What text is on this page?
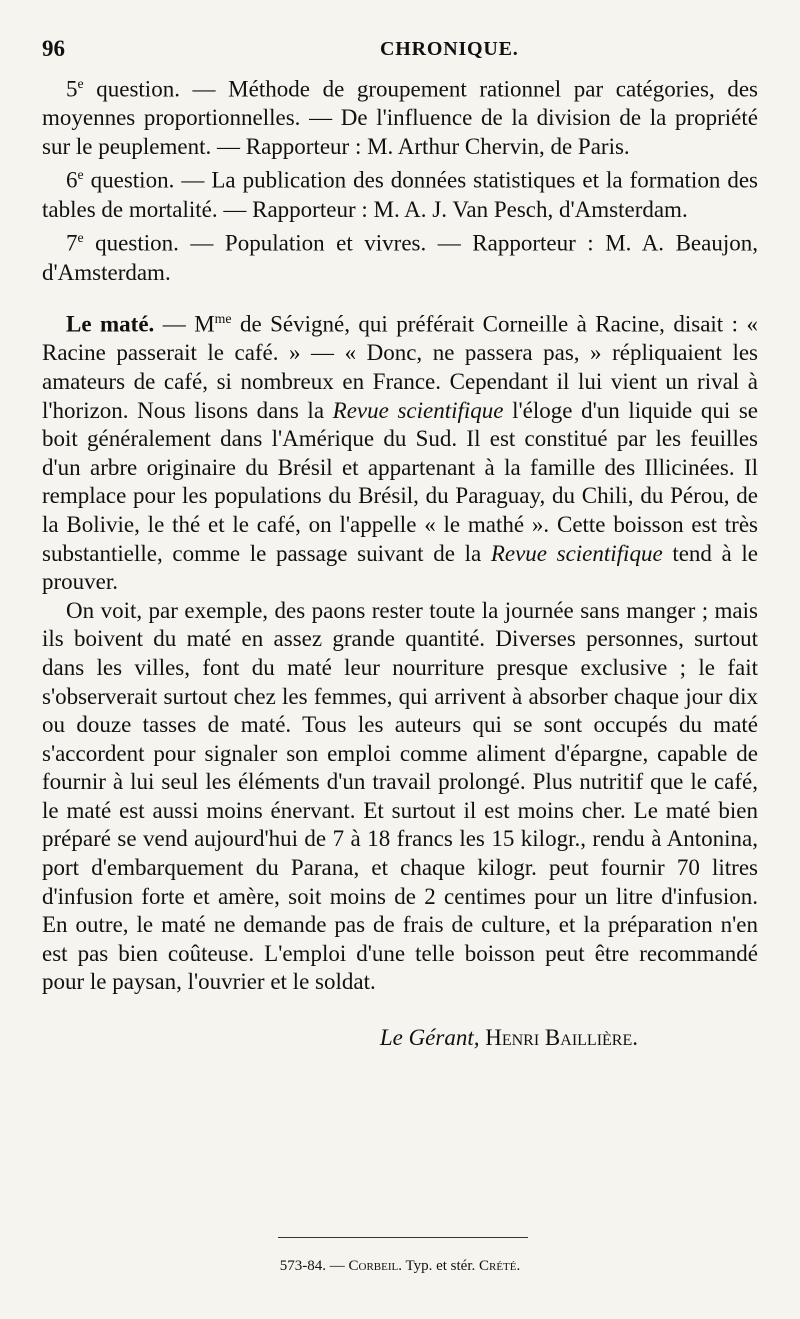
96	CHRONIQUE.

5e question. — Méthode de groupement rationnel par catégories, des moyennes proportionnelles. — De l'influence de la division de la propriété sur le peuplement. — Rapporteur : M. Arthur Chervin, de Paris.

6e question. — La publication des données statistiques et la formation des tables de mortalité. — Rapporteur : M. A. J. Van Pesch, d'Amsterdam.

7e question. — Population et vivres. — Rapporteur : M. A. Beaujon, d'Amsterdam.

Le maté. — $M^{me}$ de Sévigné, qui préférait Corneille à Racine, disait : « Racine passerait le café. » — « Donc, ne passera pas, » répliquaient les amateurs de café, si nombreux en France. Cependant il lui vient un rival à l'horizon. Nous lisons dans la Revue scientifique l'éloge d'un liquide qui se boit généralement dans l'Amérique du Sud. Il est constitué par les feuilles d'un arbre originaire du Brésil et appartenant à la famille des Illicinées. Il remplace pour les populations du Brésil, du Paraguay, du Chili, du Pérou, de la Bolivie, le thé et le café, on l'appelle « le mathé ». Cette boisson est très substantielle, comme le passage suivant de la Revue scientifique tend à le prouver.

On voit, par exemple, des paons rester toute la journée sans manger ; mais ils boivent du maté en assez grande quantité. Diverses personnes, surtout dans les villes, font du maté leur nourriture presque exclusive ; le fait s'observerait surtout chez les femmes, qui arrivent à absorber chaque jour dix ou douze tasses de maté. Tous les auteurs qui se sont occupés du maté s'accordent pour signaler son emploi comme aliment d'épargne, capable de fournir à lui seul les éléments d'un travail prolongé. Plus nutritif que le café, le maté est aussi moins énervant. Et surtout il est moins cher. Le maté bien préparé se vend aujourd'hui de 7 à 18 francs les 15 kilogr., rendu à Antonina, port d'embarquement du Parana, et chaque kilogr. peut fournir 70 litres d'infusion forte et amère, soit moins de 2 centimes pour un litre d'infusion. En outre, le maté ne demande pas de frais de culture, et la préparation n'en est pas bien coûteuse. L'emploi d'une telle boisson peut être recommandé pour le paysan, l'ouvrier et le soldat.

Le Gérant, Henri Baillière.
573-84. — Corbeil. Typ. et stér. Crété.
